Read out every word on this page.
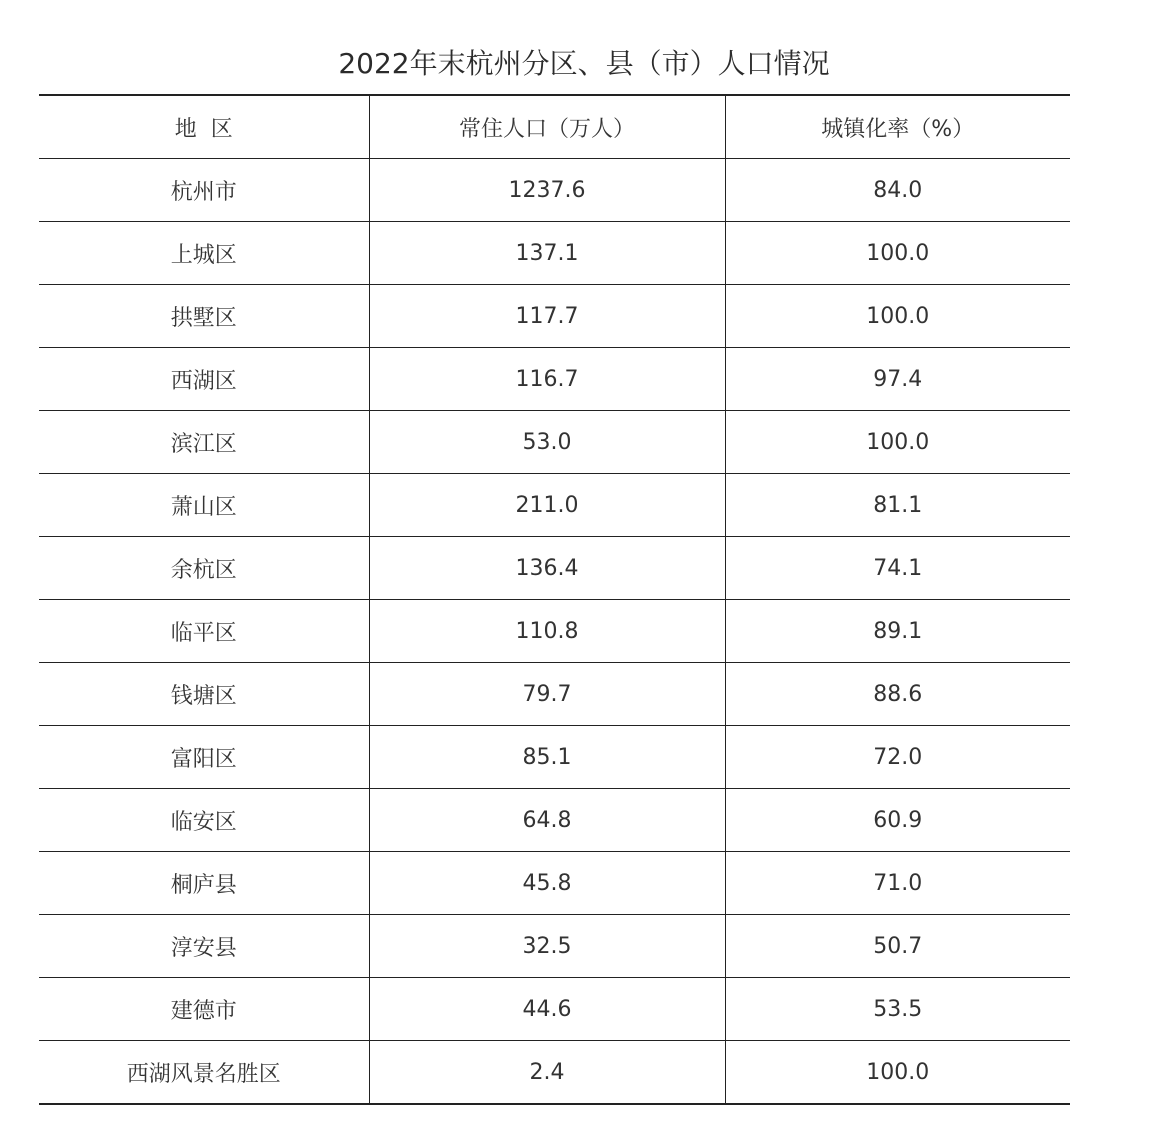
2022年末杭州分区、县（市）人口情况
地  区	常住人口（万人）	城镇化率（%）
杭州市	1237.6	84.0
上城区	137.1	100.0
拱墅区	117.7	100.0
西湖区	116.7	97.4
滨江区	53.0	100.0
萧山区	211.0	81.1
余杭区	136.4	74.1
临平区	110.8	89.1
钱塘区	79.7	88.6
富阳区	85.1	72.0
临安区	64.8	60.9
桐庐县	45.8	71.0
淳安县	32.5	50.7
建德市	44.6	53.5
西湖风景名胜区	2.4	100.0
